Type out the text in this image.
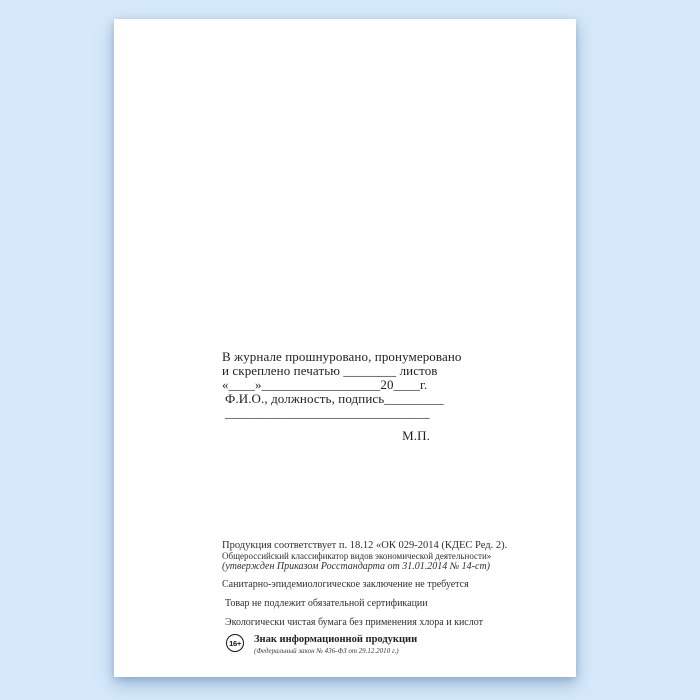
В журнале прошнуровано, пронумеровано
и скреплено печатью ________ листов
«____»__________________20____г.
Ф.И.О., должность, подпись_________
_______________________________
М.П.
Продукция соответствует п. 18.12 «ОК 029-2014 (КДЕС Ред. 2).
Общероссийский классификатор видов экономической деятельности»
(утвержден Приказом Росстандарта от 31.01.2014 № 14-ст)
Санитарно-эпидемиологическое заключение не требуется
Товар не подлежит обязательной сертификации
Экологически чистая бумага без применения хлора и кислот
16+ Знак информационной продукции
(Федеральный закон № 436-ФЗ от 29.12.2010 г.)
